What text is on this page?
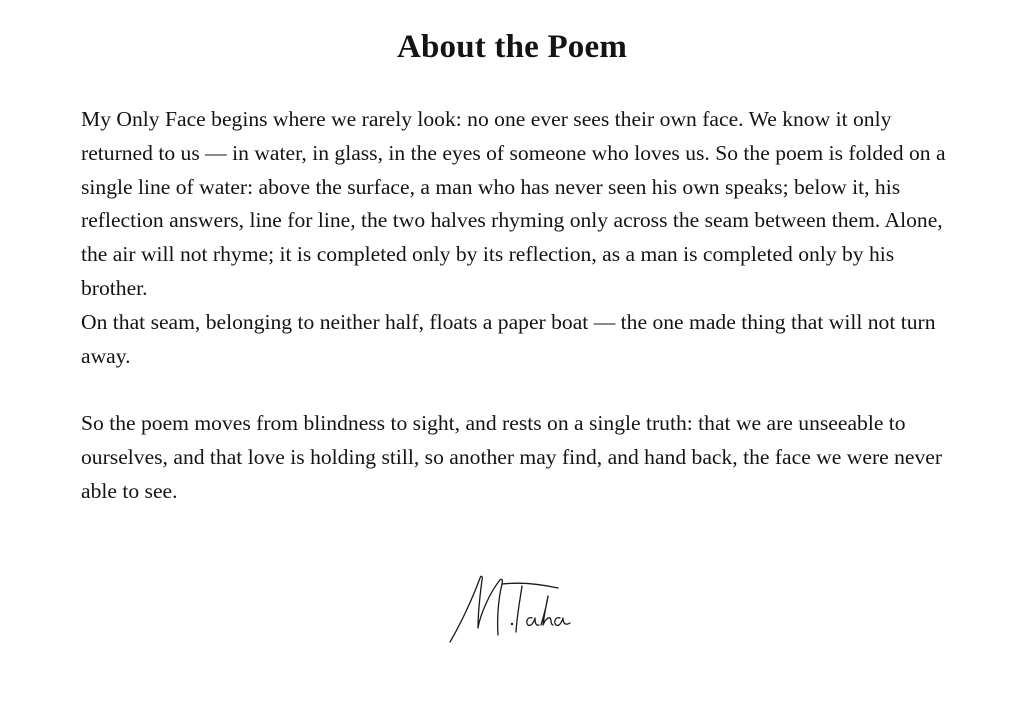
About the Poem

My Only Face begins where we rarely look: no one ever sees their own face. We know it only returned to us — in water, in glass, in the eyes of someone who loves us. So the poem is folded on a single line of water: above the surface, a man who has never seen his own speaks; below it, his reflection answers, line for line, the two halves rhyming only across the seam between them. Alone, the air will not rhyme; it is completed only by its reflection, as a man is completed only by his brother.

On that seam, belonging to neither half, floats a paper boat — the one made thing that will not turn away.

So the poem moves from blindness to sight, and rests on a single truth: that we are unseeable to ourselves, and that love is holding still, so another may find, and hand back, the face we were never able to see.
